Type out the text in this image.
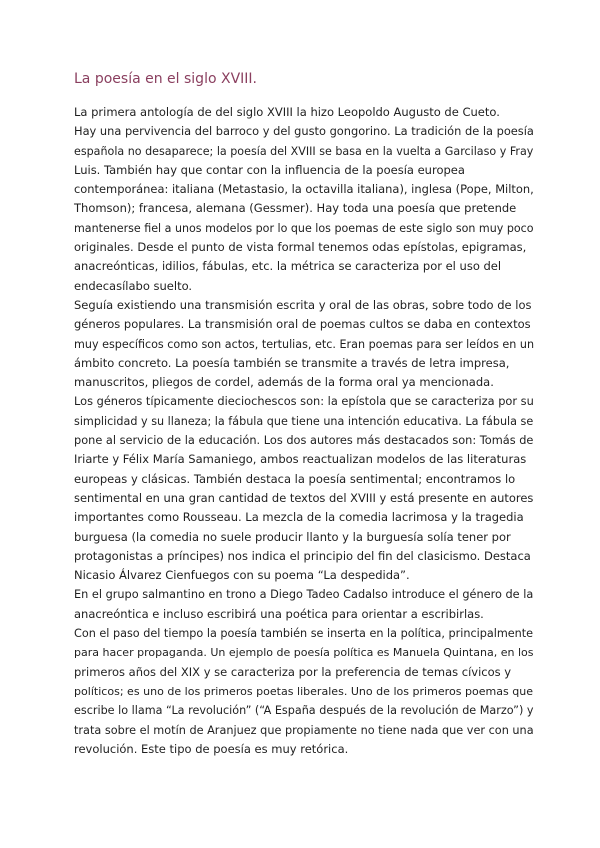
La poesía en el siglo XVIII.
La primera antología de del siglo XVIII la hizo Leopoldo Augusto de Cueto.
Hay una pervivencia del barroco y del gusto gongorino. La tradición de la poesía
española no desaparece; la poesía del XVIII se basa en la vuelta a Garcilaso y Fray
Luis. También hay que contar con la influencia de la poesía europea
contemporánea: italiana (Metastasio, la octavilla italiana), inglesa (Pope, Milton,
Thomson); francesa, alemana (Gessmer). Hay toda una poesía que pretende
mantenerse fiel a unos modelos por lo que los poemas de este siglo son muy poco
originales. Desde el punto de vista formal tenemos odas epístolas, epigramas,
anacreónticas, idilios, fábulas, etc. la métrica se caracteriza por el uso del
endecasílabo suelto.
Seguía existiendo una transmisión escrita y oral de las obras, sobre todo de los
géneros populares. La transmisión oral de poemas cultos se daba en contextos
muy específicos como son actos, tertulias, etc. Eran poemas para ser leídos en un
ámbito concreto. La poesía también se transmite a través de letra impresa,
manuscritos, pliegos de cordel, además de la forma oral ya mencionada.
Los géneros típicamente dieciochescos son: la epístola que se caracteriza por su
simplicidad y su llaneza; la fábula que tiene una intención educativa. La fábula se
pone al servicio de la educación. Los dos autores más destacados son: Tomás de
Iriarte y Félix María Samaniego, ambos reactualizan modelos de las literaturas
europeas y clásicas. También destaca la poesía sentimental; encontramos lo
sentimental en una gran cantidad de textos del XVIII y está presente en autores
importantes como Rousseau. La mezcla de la comedia lacrimosa y la tragedia
burguesa (la comedia no suele producir llanto y la burguesía solía tener por
protagonistas a príncipes) nos indica el principio del fin del clasicismo. Destaca
Nicasio Álvarez Cienfuegos con su poema “La despedida”.
En el grupo salmantino en trono a Diego Tadeo Cadalso introduce el género de la
anacreóntica e incluso escribirá una poética para orientar a escribirlas.
Con el paso del tiempo la poesía también se inserta en la política, principalmente
para hacer propaganda. Un ejemplo de poesía política es Manuela Quintana, en los
primeros años del XIX y se caracteriza por la preferencia de temas cívicos y
políticos; es uno de los primeros poetas liberales. Uno de los primeros poemas que
escribe lo llama “La revolución” (“A España después de la revolución de Marzo”) y
trata sobre el motín de Aranjuez que propiamente no tiene nada que ver con una
revolución. Este tipo de poesía es muy retórica.
